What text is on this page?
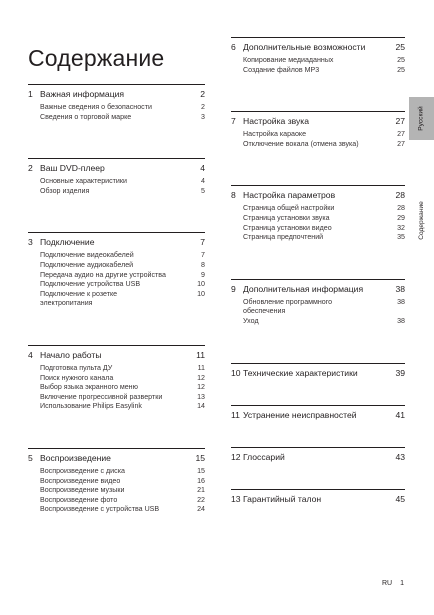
Содержание
1 Важная информация	2
Важные сведения о безопасности	2
Сведения о торговой марке	3
2 Ваш DVD-плеер	4
Основные характеристики	4
Обзор изделия	5
3 Подключение	7
Подключение видеокабелей	7
Подключение аудиокабелей	8
Передача аудио на другие устройства	9
Подключение устройства USB	10
Подключение к розетке
электропитания
10
4 Начало работы	11
Подготовка пульта ДУ	11
Поиск нужного канала	12
Выбор языка экранного меню	12
Включение прогрессивной развертки	13
Использование Philips Easylink	14
5 Воспроизведение	15
Воспроизведение с диска	15
Воспроизведение видео	16
Воспроизведение музыки	21
Воспроизведение фото	22
Воспроизведение с устройства USB	24
6 Дополнительные возможности	25
Копирование медиаданных	25
Создание файлов MP3	25
7 Настройка звука	27
Настройка караоке	27
Отключение вокала (отмена звука)	27
8 Настройка параметров	28
Страница общей настройки	28
Страница установки звука	29
Страница установки видео	32
Страница предпочтений	35
9 Дополнительная информация	38
Обновление программного
обеспечения
38
Уход	38
10 Технические характеристики	39
11 Устранение неисправностей	41
12 Глоссарий	43
13 Гарантийный талон	45
Русский
Содержание
RU 1
